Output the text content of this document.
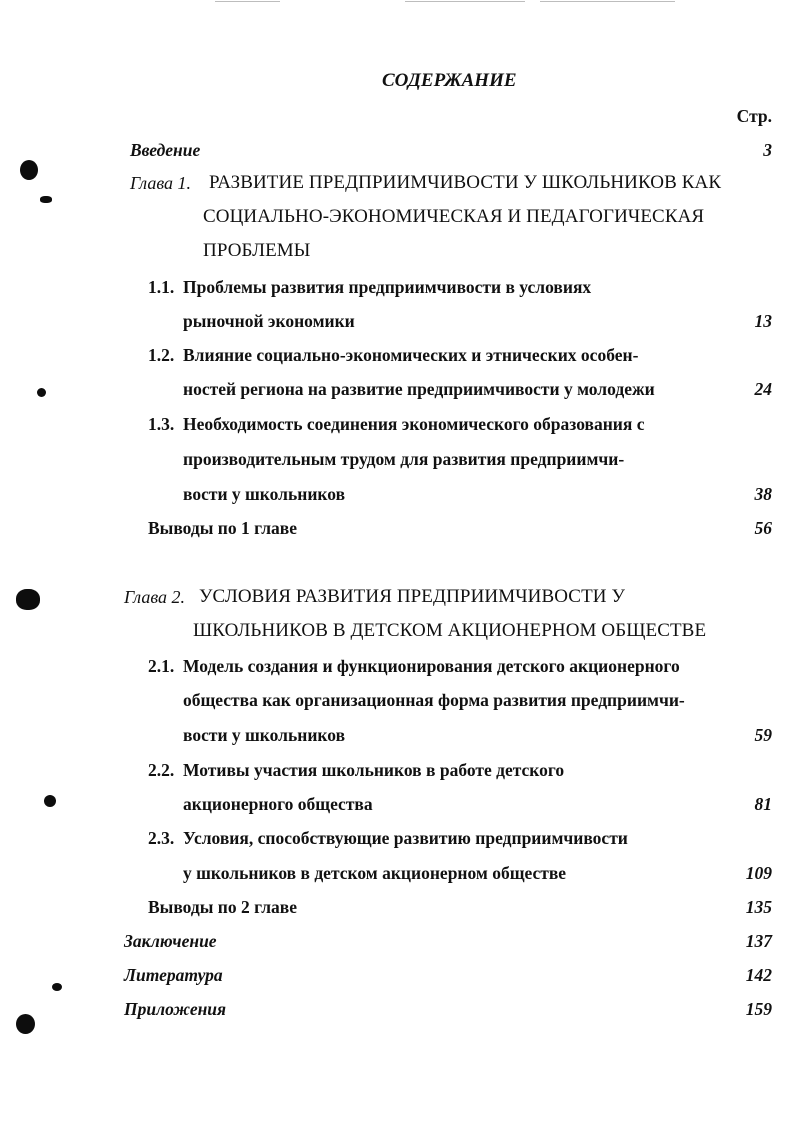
СОДЕРЖАНИЕ
Стр.
Введение	3
Глава 1. РАЗВИТИЕ ПРЕДПРИИМЧИВОСТИ У ШКОЛЬНИКОВ КАК
СОЦИАЛЬНО-ЭКОНОМИЧЕСКАЯ И ПЕДАГОГИЧЕСКАЯ
ПРОБЛЕМЫ
1.1. Проблемы развития предприимчивости в условиях
рыночной экономики	13
1.2. Влияние социально-экономических и этнических особен-
ностей региона на развитие предприимчивости у молодежи	24
1.3. Необходимость соединения экономического образования с
производительным трудом для развития предприимчи-
вости у школьников	38
Выводы по 1 главе	56
Глава 2. УСЛОВИЯ РАЗВИТИЯ ПРЕДПРИИМЧИВОСТИ У
ШКОЛЬНИКОВ В ДЕТСКОМ АКЦИОНЕРНОМ ОБЩЕСТВЕ
2.1. Модель создания и функционирования детского акционерного
общества как организационная форма развития предприимчи-
вости у школьников	59
2.2. Мотивы участия школьников в работе детского
акционерного общества	81
2.3. Условия, способствующие развитию предприимчивости
у школьников в детском акционерном обществе	109
Выводы по 2 главе	135
Заключение	137
Литература	142
Приложения	159
